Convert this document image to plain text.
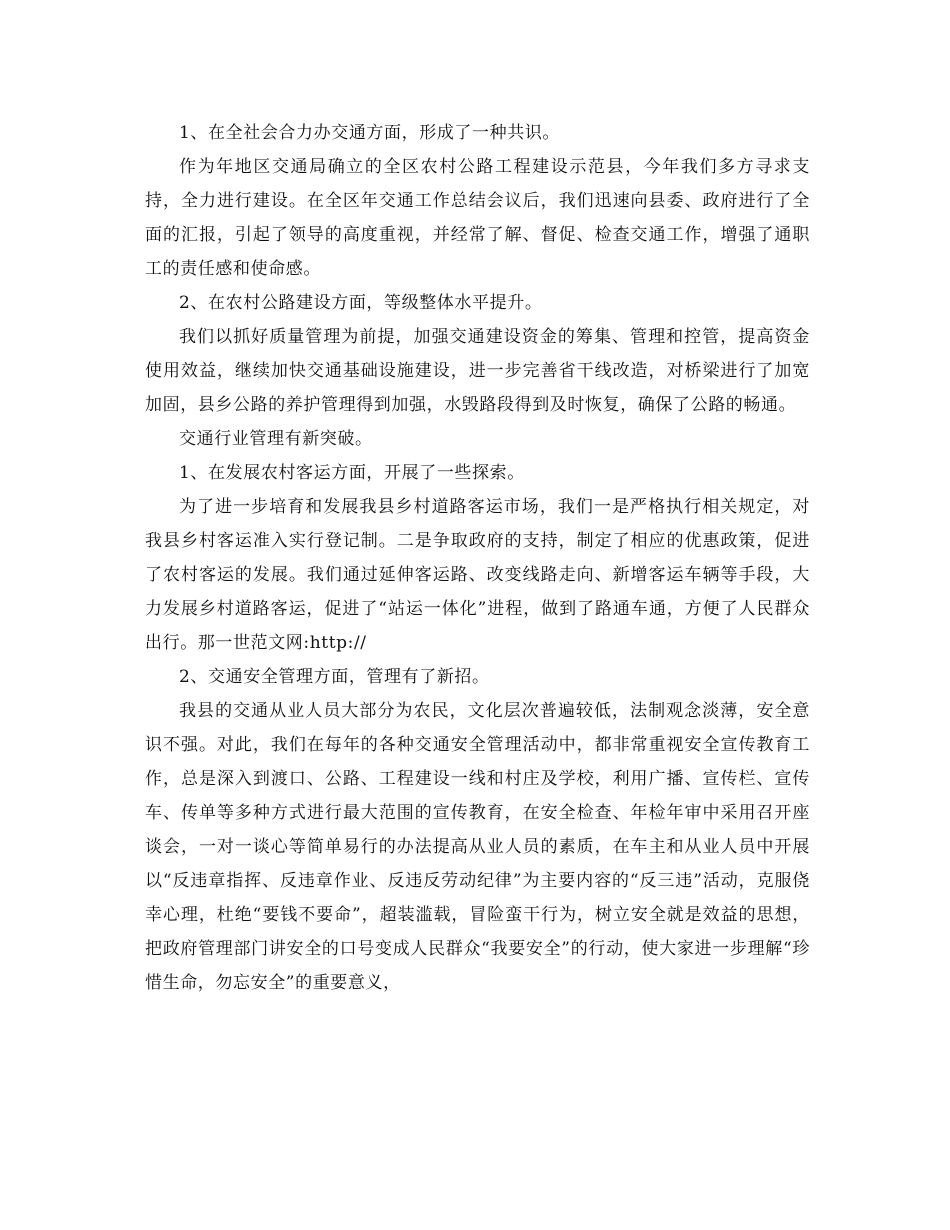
1、在全社会合力办交通方面，形成了一种共识。

作为年地区交通局确立的全区农村公路工程建设示范县，今年我们多方寻求支持，全力进行建设。在全区年交通工作总结会议后，我们迅速向县委、政府进行了全面的汇报，引起了领导的高度重视，并经常了解、督促、检查交通工作，增强了通职工的责任感和使命感。

2、在农村公路建设方面，等级整体水平提升。

我们以抓好质量管理为前提，加强交通建设资金的筹集、管理和控管，提高资金使用效益，继续加快交通基础设施建设，进一步完善省干线改造，对桥梁进行了加宽加固，县乡公路的养护管理得到加强，水毁路段得到及时恢复，确保了公路的畅通。

交通行业管理有新突破。

1、在发展农村客运方面，开展了一些探索。

为了进一步培育和发展我县乡村道路客运市场，我们一是严格执行相关规定，对我县乡村客运准入实行登记制。二是争取政府的支持，制定了相应的优惠政策，促进了农村客运的发展。我们通过延伸客运路、改变线路走向、新增客运车辆等手段，大力发展乡村道路客运，促进了“站运一体化”进程，做到了路通车通，方便了人民群众出行。那一世范文网:http://

2、交通安全管理方面，管理有了新招。

我县的交通从业人员大部分为农民，文化层次普遍较低，法制观念淡薄，安全意识不强。对此，我们在每年的各种交通安全管理活动中，都非常重视安全宣传教育工作，总是深入到渡口、公路、工程建设一线和村庄及学校，利用广播、宣传栏、宣传车、传单等多种方式进行最大范围的宣传教育，在安全检查、年检年审中采用召开座谈会，一对一谈心等简单易行的办法提高从业人员的素质，在车主和从业人员中开展以“反违章指挥、反违章作业、反违反劳动纪律”为主要内容的“反三违”活动，克服侥幸心理，杜绝“要钱不要命”，超装滥载，冒险蛮干行为，树立安全就是效益的思想，把政府管理部门讲安全的口号变成人民群众“我要安全”的行动，使大家进一步理解“珍惜生命，勿忘安全”的重要意义，
